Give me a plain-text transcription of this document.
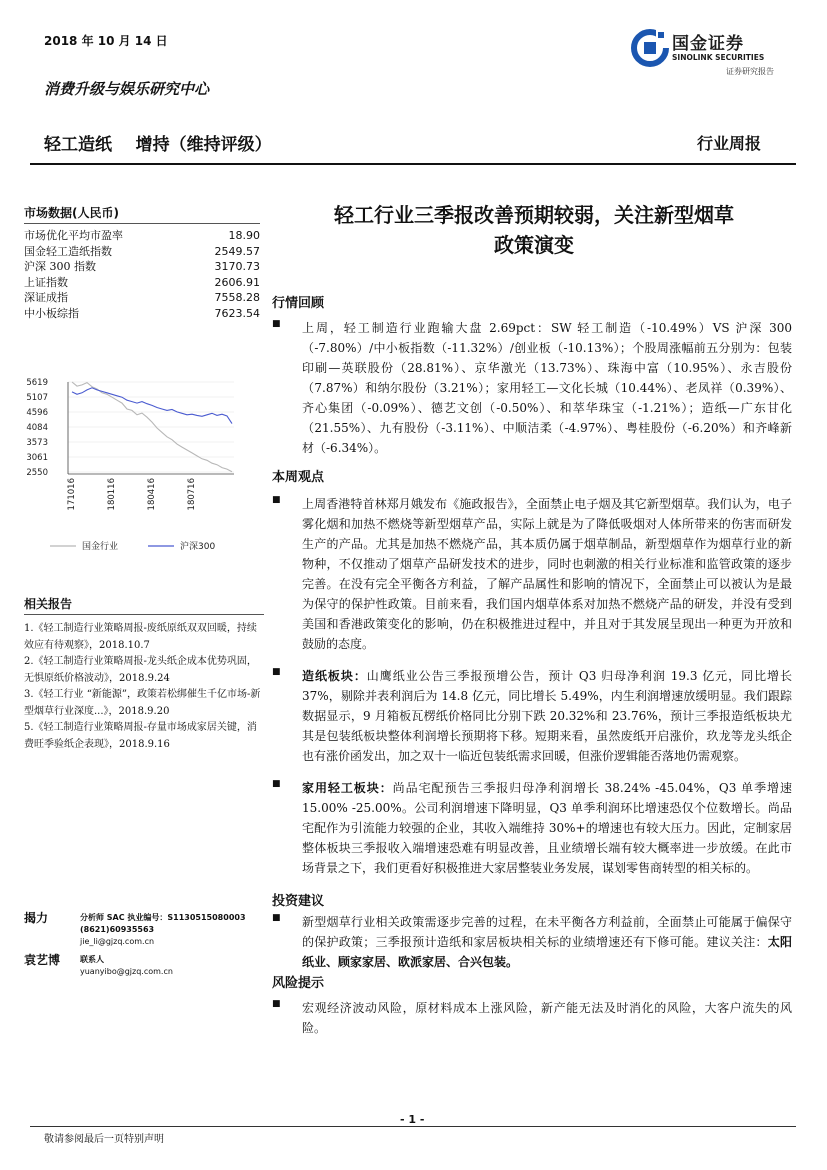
2018 年 10 月 14 日	国金证券
SINOLINK SECURITIES
证券研究报告
消费升级与娱乐研究中心
轻工造纸    增持（维持评级）	行业周报
市场数据(人民币)
市场优化平均市盈率	18.90
国金轻工造纸指数	2549.57
沪深 300 指数	3170.73
上证指数	2606.91
深证成指	7558.28
中小板综指	7623.54
5619
5107
4596
4084
3573
3061
2550
171016	180116	180416	180716
国金行业	沪深300
相关报告
1.《轻工制造行业策略周报-废纸原纸双双回暖，持续效应有待观察》，2018.10.7
2.《轻工制造行业策略周报-龙头纸企成本优势巩固，无惧原纸价格波动》，2018.9.24
3.《轻工行业 “新能源”，政策若松绑催生千亿市场-新型烟草行业深度...》，2018.9.20
5.《轻工制造行业策略周报-存量市场成家居关键，消费旺季验纸企表现》，2018.9.16
揭力	分析师 SAC 执业编号：S1130515080003
(8621)60935563
jie_li@gjzq.com.cn
袁艺博	联系人
yuanyibo@gjzq.com.cn
轻工行业三季报改善预期较弱，关注新型烟草
政策演变
行情回顾
■ 上周，轻工制造行业跑输大盘 2.69pct：SW 轻工制造（-10.49%）VS 沪深 300（-7.80%）/中小板指数（-11.32%）/创业板（-10.13%）；个股周涨幅前五分别为：包装印刷—英联股份（28.81%）、京华激光（13.73%）、珠海中富（10.95%）、永吉股份（7.87%）和纳尔股份（3.21%）；家用轻工—文化长城（10.44%）、老凤祥（0.39%）、齐心集团（-0.09%）、德艺文创（-0.50%）、和萃华珠宝（-1.21%）；造纸—广东甘化（21.55%）、九有股份（-3.11%）、中顺洁柔（-4.97%）、粤桂股份（-6.20%）和齐峰新材（-6.34%）。
本周观点
■ 上周香港特首林郑月娥发布《施政报告》，全面禁止电子烟及其它新型烟草。我们认为，电子雾化烟和加热不燃烧等新型烟草产品，实际上就是为了降低吸烟对人体所带来的伤害而研发生产的产品。尤其是加热不燃烧产品，其本质仍属于烟草制品，新型烟草作为烟草行业的新物种，不仅推动了烟草产品研发技术的进步，同时也刺激的相关行业标准和监管政策的逐步完善。在没有完全平衡各方利益，了解产品属性和影响的情况下，全面禁止可以被认为是最为保守的保护性政策。目前来看，我们国内烟草体系对加热不燃烧产品的研发，并没有受到美国和香港政策变化的影响，仍在积极推进过程中，并且对于其发展呈现出一种更为开放和鼓励的态度。
■ 造纸板块：山鹰纸业公告三季报预增公告，预计 Q3 归母净利润 19.3 亿元，同比增长 37%，剔除并表利润后为 14.8 亿元，同比增长 5.49%，内生利润增速放缓明显。我们跟踪数据显示，9 月箱板瓦楞纸价格同比分别下跌 20.32%和 23.76%，预计三季报造纸板块尤其是包装纸板块整体利润增长预期将下移。短期来看，虽然废纸开启涨价，玖龙等龙头纸企也有涨价函发出，加之双十一临近包装纸需求回暖，但涨价逻辑能否落地仍需观察。
■ 家用轻工板块：尚品宅配预告三季报归母净利润增长 38.24% -45.04%，Q3 单季增速 15.00% -25.00%。公司利润增速下降明显，Q3 单季利润环比增速恐仅个位数增长。尚品宅配作为引流能力较强的企业，其收入端维持 30%+的增速也有较大压力。因此，定制家居整体板块三季报收入端增速恐难有明显改善，且业绩增长端有较大概率进一步放缓。在此市场背景之下，我们更看好积极推进大家居整装业务发展，谋划零售商转型的相关标的。
投资建议
■ 新型烟草行业相关政策需逐步完善的过程，在未平衡各方利益前，全面禁止可能属于偏保守的保护政策；三季报预计造纸和家居板块相关标的业绩增速还有下修可能。建议关注：太阳纸业、顾家家居、欧派家居、合兴包装。
风险提示
■ 宏观经济波动风险，原材料成本上涨风险，新产能无法及时消化的风险，大客户流失的风险。
- 1 -
敬请参阅最后一页特别声明
